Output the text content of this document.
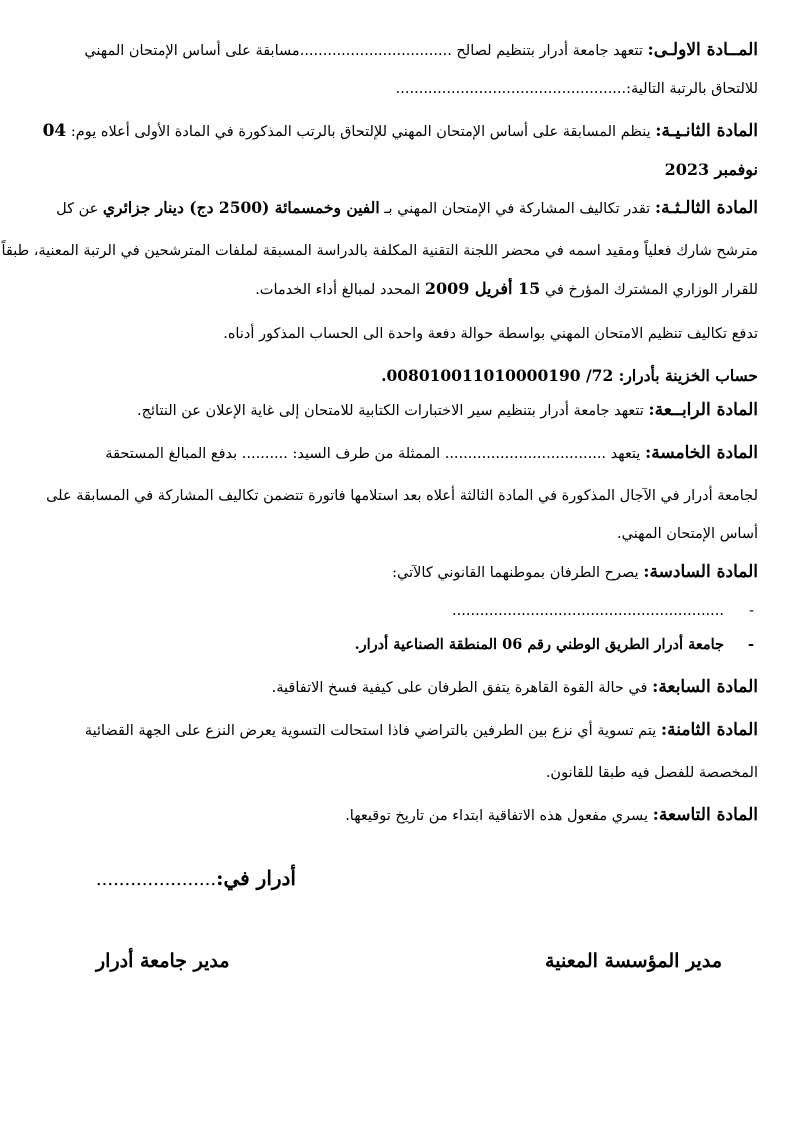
المــادة الاولـى: تتعهد جامعة أدرار بتنظيم لصالح .................................مسابقة على أساس الإمتحان المهني

للالتحاق بالرتبة التالية:..................................................

المادة الثانـيـة: ينظم المسابقة على أساس الإمتحان المهني للإلتحاق بالرتب المذكورة في المادة الأولى أعلاه يوم: 04

نوفمبر 2023

المادة الثالـثـة: تقدر تكاليف المشاركة في الإمتحان المهني بـ الفين وخمسمائة (2500 دج) دينار جزائري عن كل

مترشح شارك فعلياً ومقيد اسمه في محضر اللجنة التقنية المكلفة بالدراسة المسبقة لملفات المترشحين في الرتبة المعنية، طبقاً

للقرار الوزاري المشترك المؤرخ في 15 أفريل 2009 المحدد لمبالغ أداء الخدمات.

تدفع تكاليف تنظيم الامتحان المهني بواسطة حوالة دفعة واحدة الى الحساب المذكور أدناه.

حساب الخزينة بأدرار: 72/ 008010011010000190.

المادة الرابــعة: تتعهد جامعة أدرار بتنظيم سير الاختبارات الكتابية للامتحان إلى غاية الإعلان عن النتائج.

المادة الخامسة: يتعهد ................................... الممثلة من طرف السيد: .......... بدفع المبالغ المستحقة

لجامعة أدرار في الآجال المذكورة في المادة الثالثة أعلاه بعد استلامها فاتورة تتضمن تكاليف المشاركة في المسابقة على

أساس الإمتحان المهني.

المادة السادسة: يصرح الطرفان بموطنهما القانوني كالآتي:

-
...........................................................
-
جامعة أدرار الطريق الوطني رقم 06 المنطقة الصناعية أدرار.

المادة السابعة: في حالة القوة القاهرة يتفق الطرفان على كيفية فسخ الاتفاقية.

المادة الثامنة: يتم تسوية أي نزع بين الطرفين بالتراضي فاذا استحالت التسوية يعرض النزع على الجهة القضائية

المخصصة للفصل فيه طبقا للقانون.

المادة التاسعة: يسري مفعول هذه الاتفاقية ابتداء من تاريخ توقيعها.

أدرار في:.....................
مدير المؤسسة المعنية
مدير جامعة أدرار
